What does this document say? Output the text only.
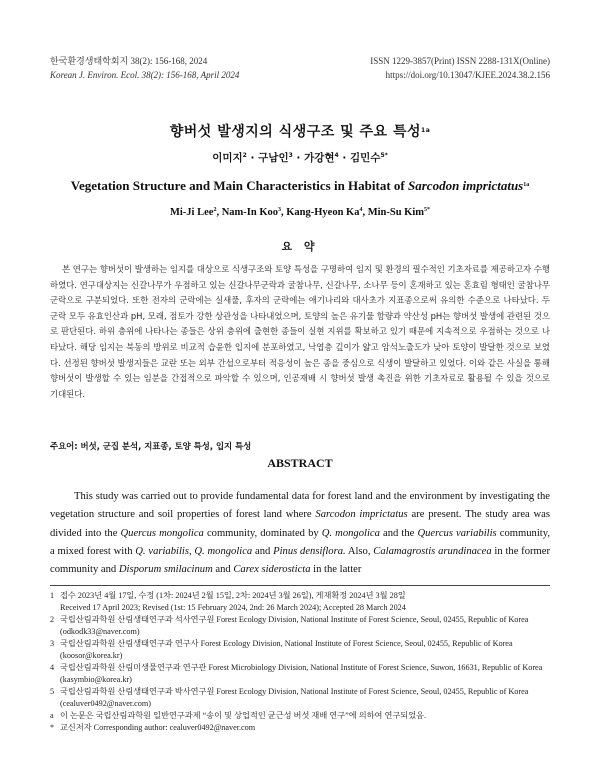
한국환경생태학회지 38(2): 156-168, 2024
Korean J. Environ. Ecol. 38(2): 156-168, April 2024
ISSN 1229-3857(Print) ISSN 2288-131X(Online)
https://doi.org/10.13047/KJEE.2024.38.2.156
향버섯 발생지의 식생구조 및 주요 특성$^{1a}$
이미지$^2$ · 구남인$^3$ · 가강현$^4$ · 김민수$^{5*}$
Vegetation Structure and Main Characteristics in Habitat of Sarcodon imprictatus$^{1a}$
Mi-Ji Lee$^2$, Nam-In Koo$^3$, Kang-Hyeon Ka$^4$, Min-Su Kim$^{5*}$
요 약
본 연구는 향버섯이 발생하는 임지를 대상으로 식생구조와 토양 특성을 구명하여 임지 및 환경의 필수적인 기초자료를 제공하고자 수행하였다. 연구대상지는 신갈나무가 우점하고 있는 신갈나무군락과 굴참나무, 신갈나무, 소나무 등이 혼재하고 있는 혼효림 형태인 굴참나무군락으로 구분되었다. 또한 전자의 군락에는 실새풀, 후자의 군락에는 애기나리와 대사초가 지표종으로써 유의한 수준으로 나타났다. 두 군락 모두 유효인산과 pH, 모래, 점토가 강한 상관성을 나타내었으며, 토양의 높은 유기물 함량과 약산성 pH는 향버섯 발생에 관련된 것으로 판단된다. 하위 층위에 나타나는 종들은 상위 층위에 출현한 종들이 실현 지위를 확보하고 있기 때문에 지속적으로 우점하는 것으로 나타났다. 해당 임지는 북동의 방위로 비교적 습윤한 입지에 분포하였고, 낙엽층 깊이가 얇고 암석노출도가 낮아 토양이 발달한 것으로 보였다. 선정된 향버섯 발생지들은 교란 또는 외부 간섭으로부터 적응성이 높은 종을 중심으로 식생이 발달하고 있었다. 이와 같은 사실을 통해 향버섯이 발생할 수 있는 임분을 간접적으로 파악할 수 있으며, 인공재배 시 향버섯 발생 촉진을 위한 기초자료로 활용될 수 있을 것으로 기대된다.
주요어: 버섯, 군집 분석, 지표종, 토양 특성, 입지 특성
ABSTRACT
This study was carried out to provide fundamental data for forest land and the environment by investigating the vegetation structure and soil properties of forest land where Sarcodon imprictatus are present. The study area was divided into the Quercus mongolica community, dominated by Q. mongolica and the Quercus variabilis community, a mixed forest with Q. variabilis, Q. mongolica and Pinus densiflora. Also, Calamagrostis arundinacea in the former community and Disporum smilacinum and Carex siderosticta in the latter
1 접수 2023년 4월 17일, 수정 (1차: 2024년 2월 15일, 2차: 2024년 3월 26일), 게재확정 2024년 3월 28일
Received 17 April 2023; Revised (1st: 15 February 2024, 2nd: 26 March 2024); Accepted 28 March 2024
2 국립산림과학원 산림생태연구과 석사연구원 Forest Ecology Division, National Institute of Forest Science, Seoul, 02455, Republic of Korea (odkodk33@naver.com)
3 국립산림과학원 산림생태연구과 연구사 Forest Ecology Division, National Institute of Forest Science, Seoul, 02455, Republic of Korea (koosor@korea.kr)
4 국립산림과학원 산림미생물연구과 연구관 Forest Microbiology Division, National Institute of Forest Science, Suwon, 16631, Republic of Korea (kasymbio@korea.kr)
5 국립산림과학원 산림생태연구과 박사연구원 Forest Ecology Division, National Institute of Forest Science, Seoul, 02455, Republic of Korea (cealuver0492@naver.com)
a 이 논문은 국립산림과학원 일반연구과제 “송이 및 상업적인 균근성 버섯 재배 연구”에 의하여 연구되었음.
* 교신저자 Corresponding author: cealuver0492@naver.com
